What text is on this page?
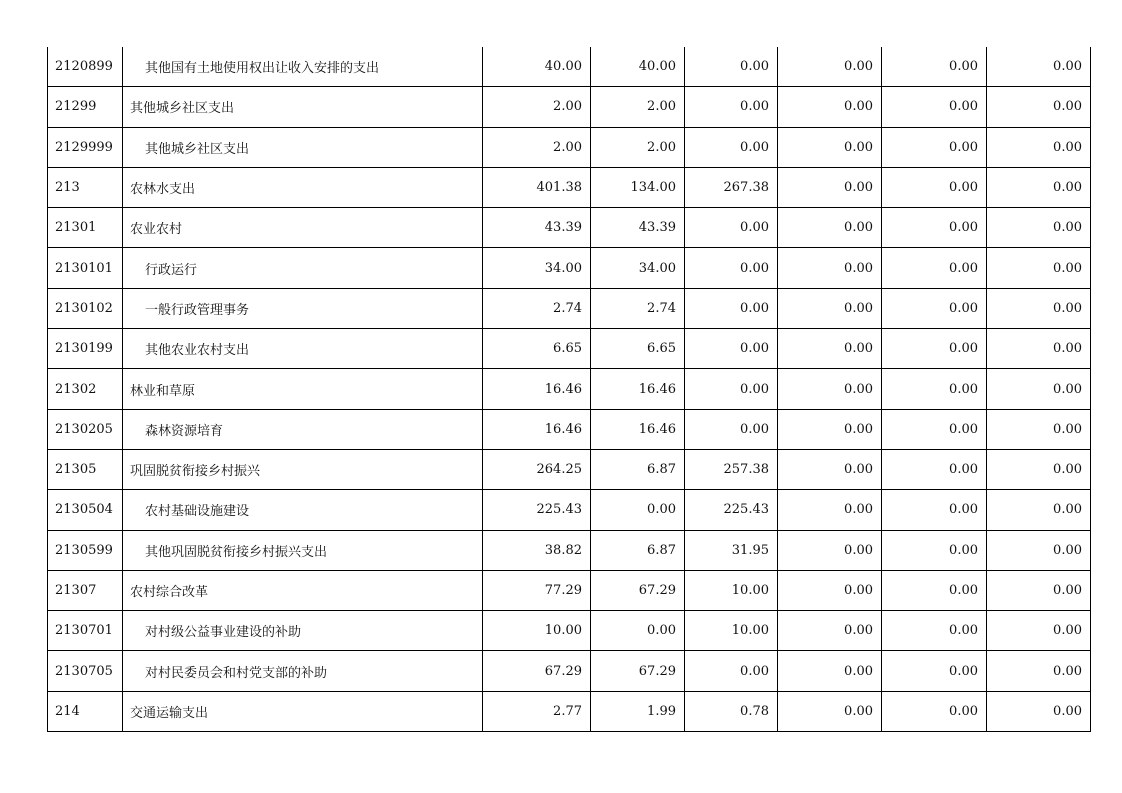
2120899	其他国有土地使用权出让收入安排的支出	40.00	40.00	0.00	0.00	0.00	0.00
21299	其他城乡社区支出	2.00	2.00	0.00	0.00	0.00	0.00
2129999	其他城乡社区支出	2.00	2.00	0.00	0.00	0.00	0.00
213	农林水支出	401.38	134.00	267.38	0.00	0.00	0.00
21301	农业农村	43.39	43.39	0.00	0.00	0.00	0.00
2130101	行政运行	34.00	34.00	0.00	0.00	0.00	0.00
2130102	一般行政管理事务	2.74	2.74	0.00	0.00	0.00	0.00
2130199	其他农业农村支出	6.65	6.65	0.00	0.00	0.00	0.00
21302	林业和草原	16.46	16.46	0.00	0.00	0.00	0.00
2130205	森林资源培育	16.46	16.46	0.00	0.00	0.00	0.00
21305	巩固脱贫衔接乡村振兴	264.25	6.87	257.38	0.00	0.00	0.00
2130504	农村基础设施建设	225.43	0.00	225.43	0.00	0.00	0.00
2130599	其他巩固脱贫衔接乡村振兴支出	38.82	6.87	31.95	0.00	0.00	0.00
21307	农村综合改革	77.29	67.29	10.00	0.00	0.00	0.00
2130701	对村级公益事业建设的补助	10.00	0.00	10.00	0.00	0.00	0.00
2130705	对村民委员会和村党支部的补助	67.29	67.29	0.00	0.00	0.00	0.00
214	交通运输支出	2.77	1.99	0.78	0.00	0.00	0.00
